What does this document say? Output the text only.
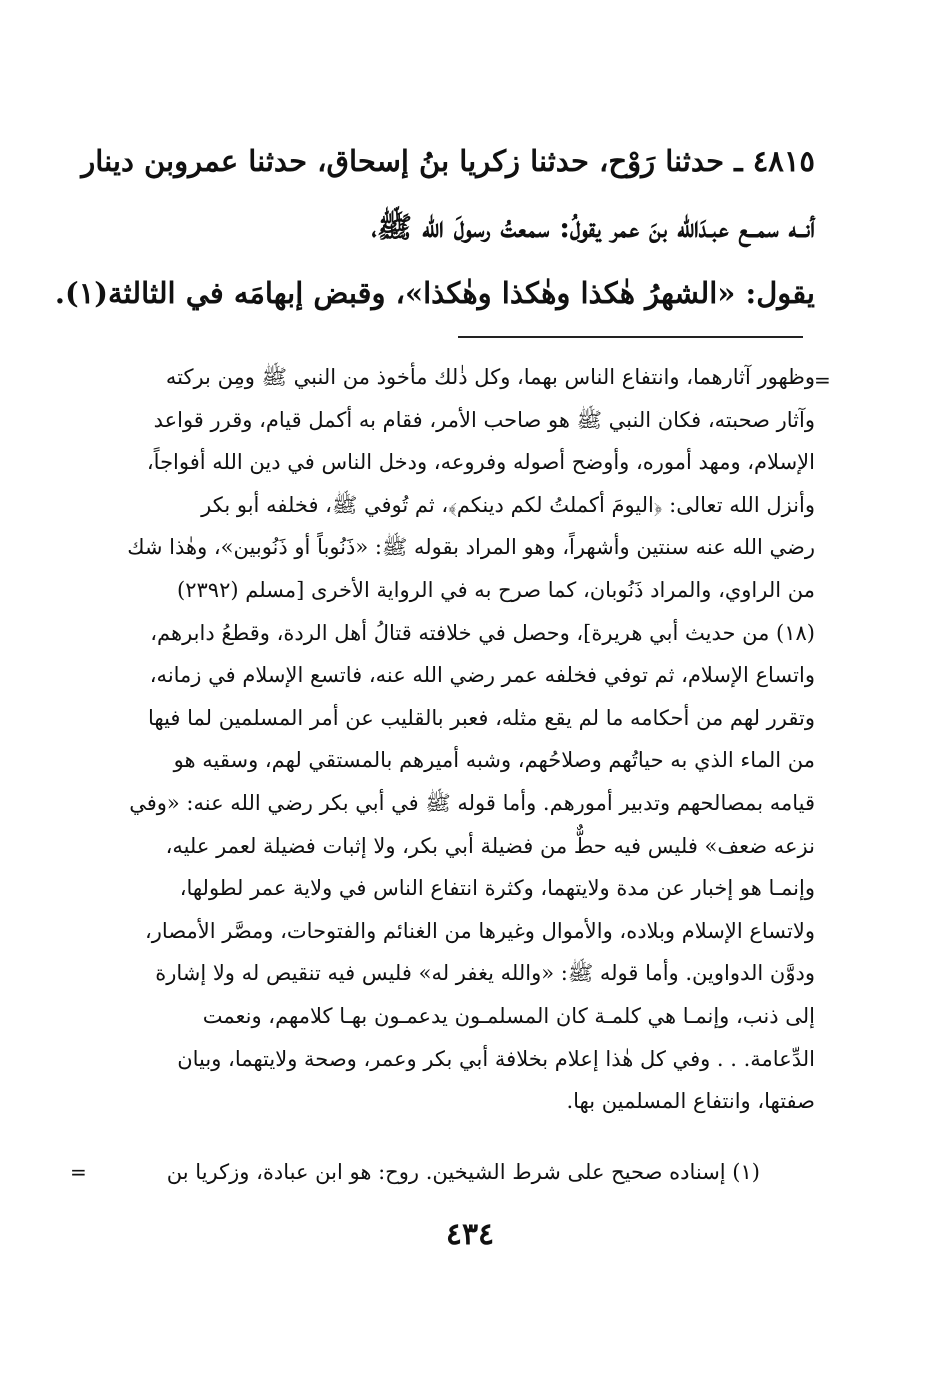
٤٨١٥ ـ حدثنا رَوْح، حدثنا زكريا بنُ إسحاق، حدثنا عمروبن دينار
أنــه سمــع عبـدَالله بنَ عمر يقولُ: سمعتُ رسولَ الله ﷺ،
يقول: «الشهرُ هٰكذا وهٰكذا وهٰكذا»، وقبض إبهامَه في الثالثة(١).
=
وظهور آثارهما، وانتفاع الناس بهما، وكل ذٰلك مأخوذ من النبي ﷺ ومِن بركته
وآثار صحبته، فكان النبي ﷺ هو صاحب الأمر، فقام به أكمل قيام، وقرر قواعد
الإسلام، ومهد أموره، وأوضح أصوله وفروعه، ودخل الناس في دين الله أفواجاً،
وأنزل الله تعالى: ﴿اليومَ أكملتُ لكم دينكم﴾، ثم تُوفي ﷺ، فخلفه أبو بكر
رضي الله عنه سنتين وأشهراً، وهو المراد بقوله ﷺ: «ذَنُوباً أو ذَنُوبين»، وهٰذا شك
من الراوي، والمراد ذَنُوبان، كما صرح به في الرواية الأخرى [مسلم (٢٣٩٢)
(١٨) من حديث أبي هريرة]، وحصل في خلافته قتالُ أهل الردة، وقطعُ دابرهم،
واتساع الإسلام، ثم توفي فخلفه عمر رضي الله عنه، فاتسع الإسلام في زمانه،
وتقرر لهم من أحكامه ما لم يقع مثله، فعبر بالقليب عن أمر المسلمين لما فيها
من الماء الذي به حياتُهم وصلاحُهم، وشبه أميرهم بالمستقي لهم، وسقيه هو
قيامه بمصالحهم وتدبير أمورهم. وأما قوله ﷺ في أبي بكر رضي الله عنه: «وفي
نزعه ضعف» فليس فيه حطٌّ من فضيلة أبي بكر، ولا إثبات فضيلة لعمر عليه،
وإنمـا هو إخبار عن مدة ولايتهما، وكثرة انتفاع الناس في ولاية عمر لطولها،
ولاتساع الإسلام وبلاده، والأموال وغيرها من الغنائم والفتوحات، ومصَّر الأمصار،
ودوَّن الدواوين. وأما قوله ﷺ: «والله يغفر له» فليس فيه تنقيص له ولا إشارة
إلى ذنب، وإنمـا هي كلمـة كان المسلمـون يدعمـون بهـا كلامهم، ونعمت
الدِّعامة. . . وفي كل هٰذا إعلام بخلافة أبي بكر وعمر، وصحة ولايتهما، وبيان
صفتها، وانتفاع المسلمين بها.
(١) إسناده صحيح على شرط الشيخين. روح: هو ابن عبادة، وزكريا بن
=
٤٣٤
